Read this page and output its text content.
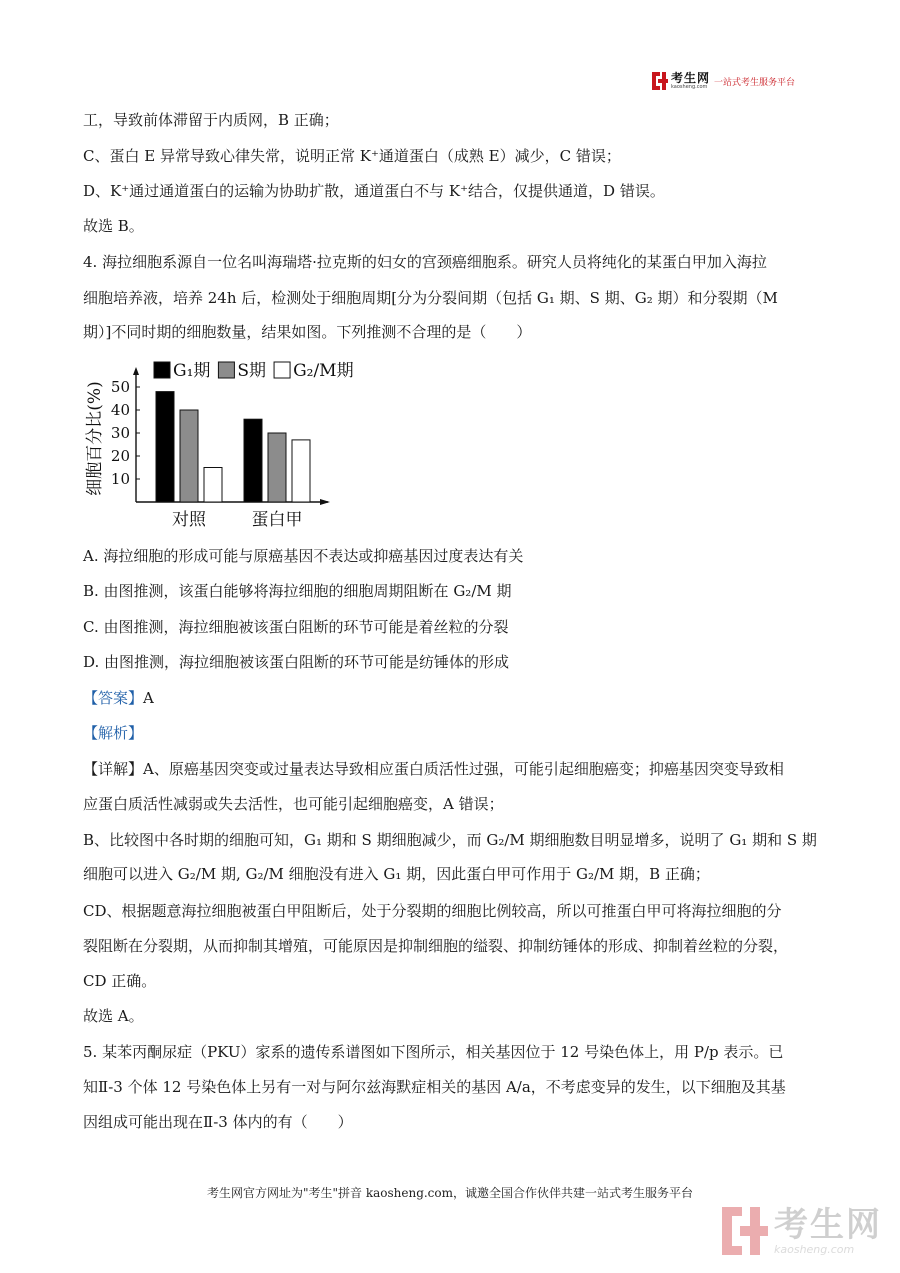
考生网
kaosheng.com 一站式考生服务平台
工，导致前体滞留于内质网，B 正确；
C、蛋白 E 异常导致心律失常，说明正常 K⁺通道蛋白（成熟 E）减少，C 错误；
D、K⁺通过通道蛋白的运输为协助扩散，通道蛋白不与 K⁺结合，仅提供通道，D 错误。
故选 B。
4. 海拉细胞系源自一位名叫海瑞塔·拉克斯的妇女的宫颈癌细胞系。研究人员将纯化的某蛋白甲加入海拉
细胞培养液，培养 24h 后，检测处于细胞周期[分为分裂间期（包括 G₁ 期、S 期、G₂ 期）和分裂期（M
期）]不同时期的细胞数量，结果如图。下列推测不合理的是（　　）
10
20
30
40
50
细胞百分比(%)
对照	蛋白甲
G₁期 S期 G₂/M期
A. 海拉细胞的形成可能与原癌基因不表达或抑癌基因过度表达有关
B. 由图推测，该蛋白能够将海拉细胞的细胞周期阻断在 G₂/M 期
C. 由图推测，海拉细胞被该蛋白阻断的环节可能是着丝粒的分裂
D. 由图推测，海拉细胞被该蛋白阻断的环节可能是纺锤体的形成
【答案】A
【解析】
【详解】A、原癌基因突变或过量表达导致相应蛋白质活性过强，可能引起细胞癌变；抑癌基因突变导致相
应蛋白质活性减弱或失去活性，也可能引起细胞癌变，A 错误；
B、比较图中各时期的细胞可知，G₁ 期和 S 期细胞减少，而 G₂/M 期细胞数目明显增多，说明了 G₁ 期和 S 期
细胞可以进入 G₂/M 期, G₂/M 细胞没有进入 G₁ 期，因此蛋白甲可作用于 G₂/M 期，B 正确；
CD、根据题意海拉细胞被蛋白甲阻断后，处于分裂期的细胞比例较高，所以可推蛋白甲可将海拉细胞的分
裂阻断在分裂期，从而抑制其增殖，可能原因是抑制细胞的缢裂、抑制纺锤体的形成、抑制着丝粒的分裂，
CD 正确。
故选 A。
5. 某苯丙酮尿症（PKU）家系的遗传系谱图如下图所示，相关基因位于 12 号染色体上，用 P/p 表示。已
知Ⅱ-3 个体 12 号染色体上另有一对与阿尔兹海默症相关的基因 A/a，不考虑变异的发生，以下细胞及其基
因组成可能出现在Ⅱ-3 体内的有（　　）
考生网官方网址为"考生"拼音 kaosheng.com，诚邀全国合作伙伴共建一站式考生服务平台
考生网
kaosheng.com
